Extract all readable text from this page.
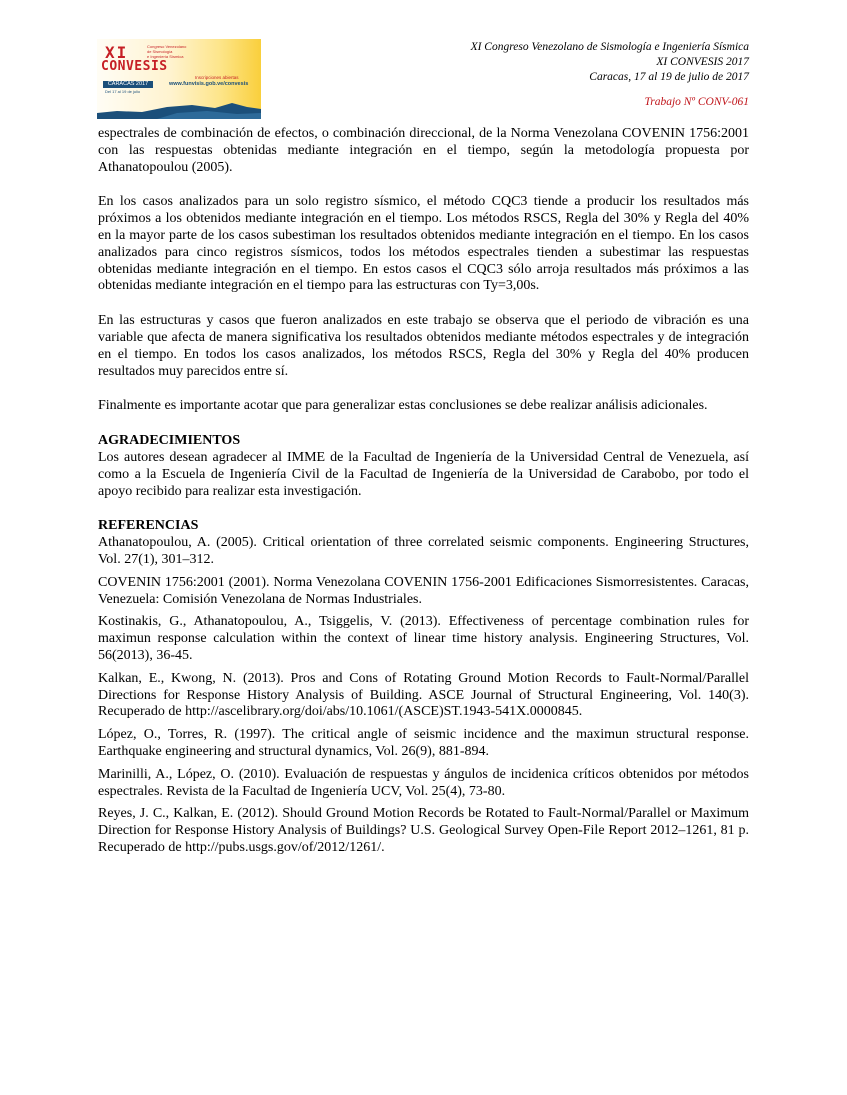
XI
CONVESIS
Congreso Venezolano
de Sismología
e Ingeniería Sísmica
Inscripciones abiertas
www.funvisis.gob.ve/convesis
CARACAS 2017
Del 17 al 19 de julio
XI Congreso Venezolano de Sismología e Ingeniería Sísmica
XI CONVESIS 2017
Caracas, 17 al 19 de julio de 2017
Trabajo Nº CONV-061

espectrales de combinación de efectos, o combinación direccional, de la Norma Venezolana COVENIN 1756:2001 con las respuestas obtenidas mediante integración en el tiempo, según la metodología propuesta por Athanatopoulou (2005).

En los casos analizados para un solo registro sísmico, el método CQC3 tiende a producir los resultados más próximos a los obtenidos mediante integración en el tiempo. Los métodos RSCS, Regla del 30% y Regla del 40% en la mayor parte de los casos subestiman los resultados obtenidos mediante integración en el tiempo. En los casos analizados para cinco registros sísmicos, todos los métodos espectrales tienden a subestimar las respuestas obtenidas mediante integración en el tiempo. En estos casos el CQC3 sólo arroja resultados más próximos a las obtenidas mediante integración en el tiempo para las estructuras con Ty=3,00s.

En las estructuras y casos que fueron analizados en este trabajo se observa que el periodo de vibración es una variable que afecta de manera significativa los resultados obtenidos mediante métodos espectrales y de integración en el tiempo. En todos los casos analizados, los métodos RSCS, Regla del 30% y Regla del 40% producen resultados muy parecidos entre sí.

Finalmente es importante acotar que para generalizar estas conclusiones se debe realizar análisis adicionales.

AGRADECIMIENTOS

Los autores desean agradecer al IMME de la Facultad de Ingeniería de la Universidad Central de Venezuela, así como a la Escuela de Ingeniería Civil de la Facultad de Ingeniería de la Universidad de Carabobo, por todo el apoyo recibido para realizar esta investigación.

REFERENCIAS

Athanatopoulou, A. (2005). Critical orientation of three correlated seismic components. Engineering Structures, Vol. 27(1), 301–312.

COVENIN 1756:2001 (2001). Norma Venezolana COVENIN 1756-2001 Edificaciones Sismorresistentes. Caracas, Venezuela: Comisión Venezolana de Normas Industriales.

Kostinakis, G., Athanatopoulou, A., Tsiggelis, V. (2013). Effectiveness of percentage combination rules for maximun response calculation within the context of linear time history analysis. Engineering Structures, Vol. 56(2013), 36-45.

Kalkan, E., Kwong, N. (2013). Pros and Cons of Rotating Ground Motion Records to Fault-Normal/Parallel Directions for Response History Analysis of Building. ASCE Journal of Structural Engineering, Vol. 140(3). Recuperado de http://ascelibrary.org/doi/abs/10.1061/(ASCE)ST.1943-541X.0000845.

López, O., Torres, R. (1997). The critical angle of seismic incidence and the maximun structural response. Earthquake engineering and structural dynamics, Vol. 26(9), 881-894.

Marinilli, A., López, O. (2010). Evaluación de respuestas y ángulos de incidenica críticos obtenidos por métodos espectrales. Revista de la Facultad de Ingeniería UCV, Vol. 25(4), 73-80.

Reyes, J. C., Kalkan, E. (2012). Should Ground Motion Records be Rotated to Fault-Normal/Parallel or Maximum Direction for Response History Analysis of Buildings? U.S. Geological Survey Open-File Report 2012–1261, 81 p. Recuperado de http://pubs.usgs.gov/of/2012/1261/.
